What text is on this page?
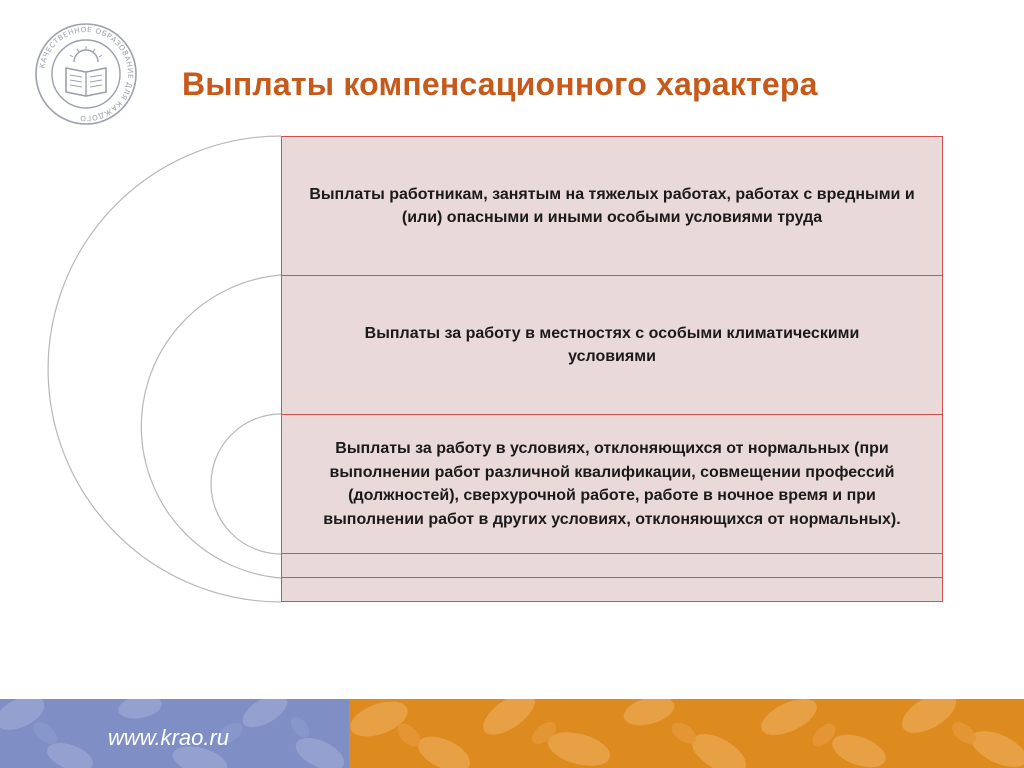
КАЧЕСТВЕННОЕ ОБРАЗОВАНИЕ ДЛЯ КАЖДОГО
Выплаты компенсационного характера
Выплаты работникам, занятым на тяжелых работах, работах с вредными и (или) опасными и иными особыми условиями труда
Выплаты за работу в местностях с особыми климатическими условиями
Выплаты за работу в условиях, отклоняющихся от нормальных (при выполнении работ различной квалификации, совмещении профессий (должностей), сверхурочной работе, работе в ночное время и при выполнении работ в других условиях, отклоняющихся от нормальных).
www.krao.ru
